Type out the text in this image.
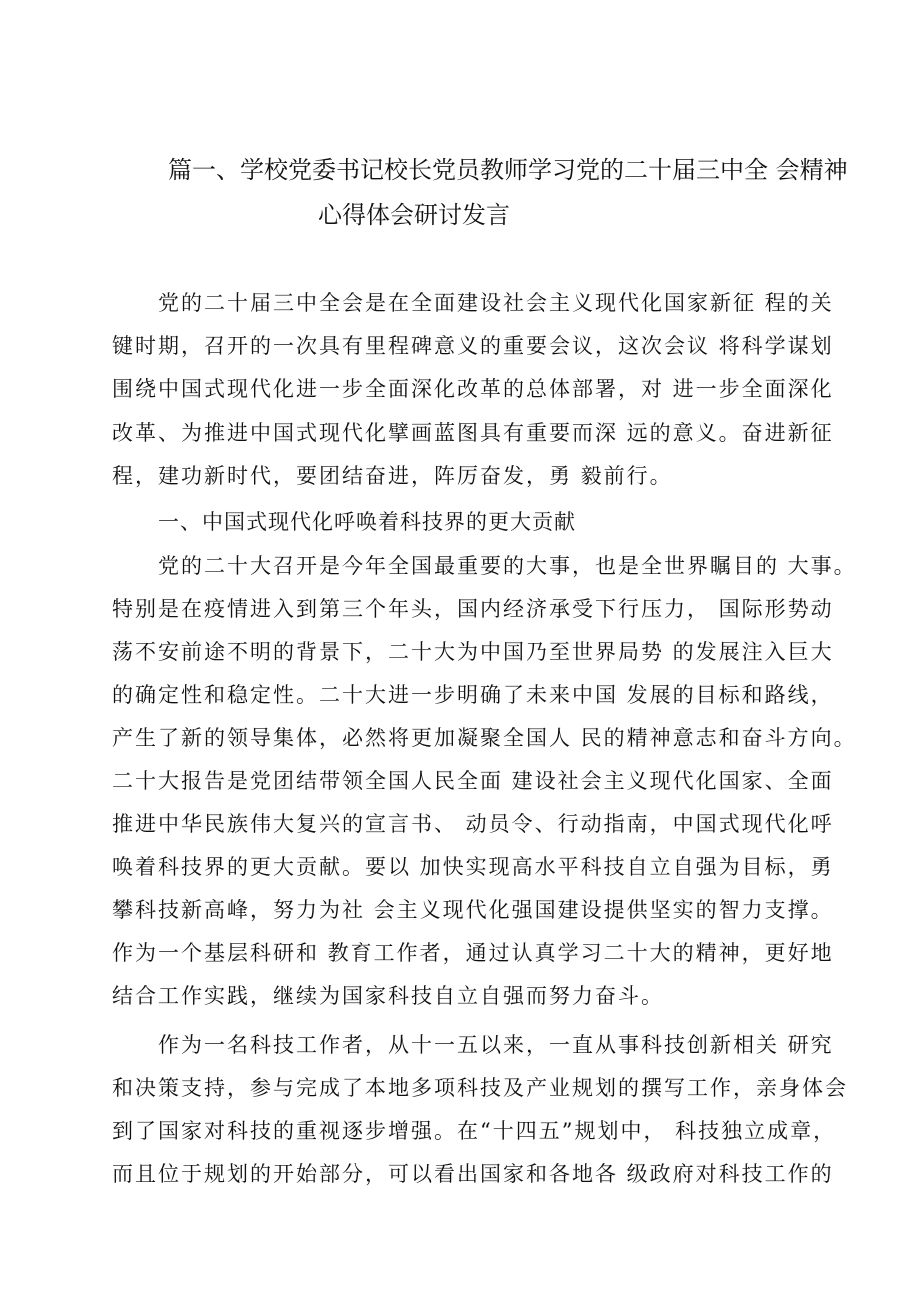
篇一、学校党委书记校长党员教师学习党的二十届三中全 会精神
心得体会研讨发言
党的二十届三中全会是在全面建设社会主义现代化国家新征 程的关
键时期，召开的一次具有里程碑意义的重要会议，这次会议 将科学谋划
围绕中国式现代化进一步全面深化改革的总体部署，对 进一步全面深化
改革、为推进中国式现代化擘画蓝图具有重要而深 远的意义。奋进新征
程，建功新时代，要团结奋进，阵厉奋发，勇 毅前行。
一、中国式现代化呼唤着科技界的更大贡献
党的二十大召开是今年全国最重要的大事，也是全世界瞩目的 大事。
特别是在疫情进入到第三个年头，国内经济承受下行压力， 国际形势动
荡不安前途不明的背景下，二十大为中国乃至世界局势 的发展注入巨大
的确定性和稳定性。二十大进一步明确了未来中国 发展的目标和路线，
产生了新的领导集体，必然将更加凝聚全国人 民的精神意志和奋斗方向。
二十大报告是党团结带领全国人民全面 建设社会主义现代化国家、全面
推进中华民族伟大复兴的宣言书、 动员令、行动指南，中国式现代化呼
唤着科技界的更大贡献。要以 加快实现高水平科技自立自强为目标，勇
攀科技新高峰，努力为社 会主义现代化强国建设提供坚实的智力支撑。
作为一个基层科研和 教育工作者，通过认真学习二十大的精神，更好地
结合工作实践，继续为国家科技自立自强而努力奋斗。
作为一名科技工作者，从十一五以来，一直从事科技创新相关 研究
和决策支持，参与完成了本地多项科技及产业规划的撰写工作，亲身体会
到了国家对科技的重视逐步增强。在“十四五”规划中， 科技独立成章，
而且位于规划的开始部分，可以看出国家和各地各 级政府对科技工作的
